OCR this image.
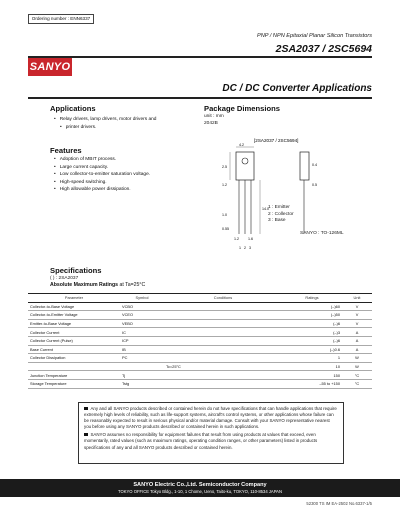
Ordering number : ENN6337
PNP / NPN Epitaxial Planar Silicon Transistors
2SA2037 / 2SC5694
SANYO
DC / DC Converter Applications
Applications
• Relay drivers, lamp drivers, motor drivers and
• printer drivers.
Features
• Adoption of MBIT process.
• Large current capacity.
• Low collector-to-emitter saturation voltage.
• High-speed switching.
• High allowable power dissipation.
Package Dimensions
unit : mm
2042B
[2SA2037 / 2SC5694]
4.2
2.5
1.2
14.0
1.0
0.55
1.2	1.6
1 2 3
0.4
0.5
1 : Emitter
2 : Collector
3 : Base
SANYO : TO-126ML
Specifications
( ) : 2SA2037
Absolute Maximum Ratings at Ta=25°C
Parameter	Symbol	Conditions	Ratings	Unit
Collector-to-Base Voltage	VCBO		(–)60	V
Collector-to-Emitter Voltage	VCEO		(–)50	V
Emitter-to-Base Voltage	VEBO		(–)6	V
Collector Current	IC		(–)3	A
Collector Current (Pulse)	ICP		(–)6	A
Base Current	IB		(–)0.6	A
Collector Dissipation	PC		1	W
		Tc=25°C	10	W
Junction Temperature	Tj		150	°C
Storage Temperature	Tstg		–55 to +150	°C

Any and all SANYO products described or contained herein do not have specifications that can handle applications that require extremely high levels of reliability, such as life-support systems, aircraft's control systems, or other applications whose failure can be reasonably expected to result in serious physical and/or material damage. Consult with your SANYO representative nearest you before using any SANYO products described or contained herein in such applications.

SANYO assumes no responsibility for equipment failures that result from using products at values that exceed, even momentarily, rated values (such as maximum ratings, operating condition ranges, or other parameters) listed in products specifications of any and all SANYO products described or contained herein.

SANYO Electric Co.,Ltd. Semiconductor Company
TOKYO OFFICE Tokyo Bldg., 1-10, 1 Chome, Ueno, Taito-ku, TOKYO, 110-8534 JAPAN
52300 TS IM EA-2502 No.6337-1/5
